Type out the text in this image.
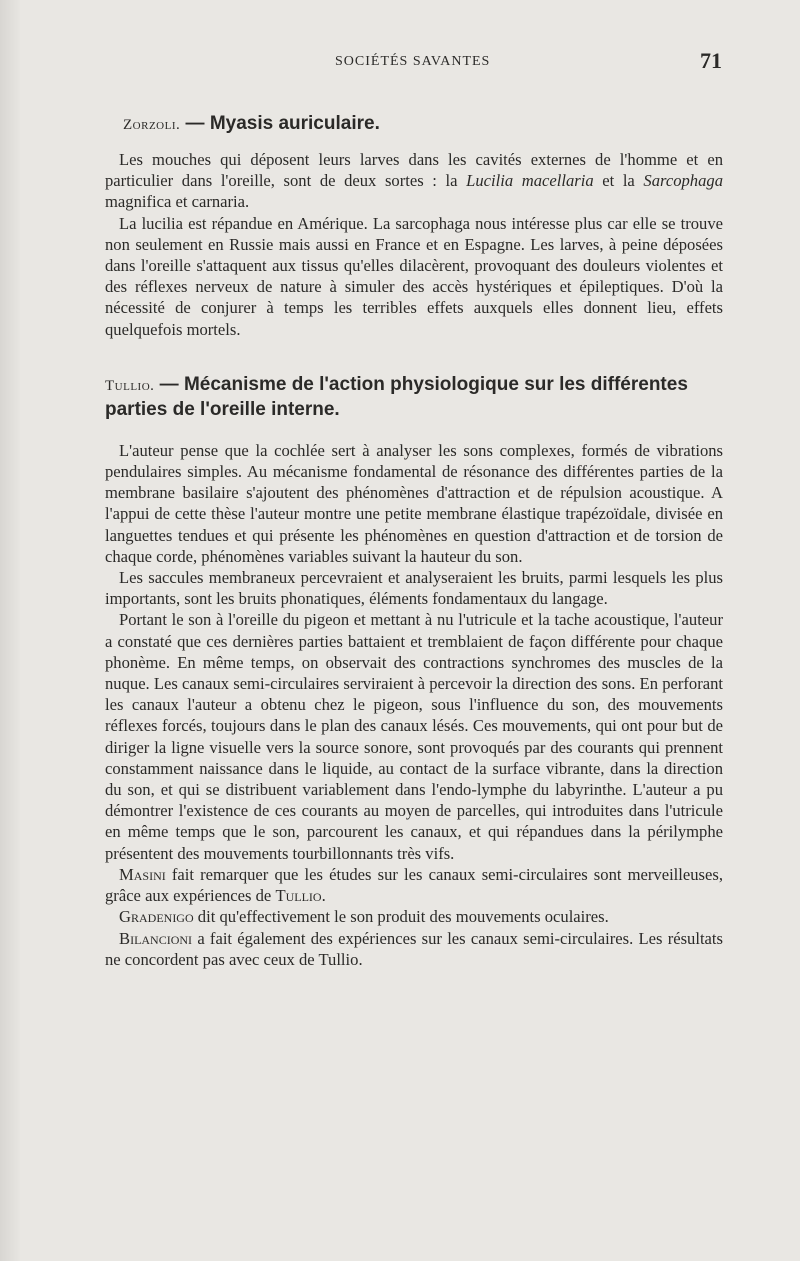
SOCIÉTÉS SAVANTES	71
Zorzoli. — Myasis auriculaire.

Les mouches qui déposent leurs larves dans les cavités externes de l'homme et en particulier dans l'oreille, sont de deux sortes : la Lucilia macellaria et la Sarcophaga magnifica et carnaria.

La lucilia est répandue en Amérique. La sarcophaga nous intéresse plus car elle se trouve non seulement en Russie mais aussi en France et en Espagne. Les larves, à peine déposées dans l'oreille s'attaquent aux tissus qu'elles dilacèrent, provoquant des douleurs violentes et des réflexes nerveux de nature à simuler des accès hystériques et épileptiques. D'où la nécessité de conjurer à temps les terribles effets auxquels elles donnent lieu, effets quelquefois mortels.

Tullio. — Mécanisme de l'action physiologique sur les différentes parties de l'oreille interne.

L'auteur pense que la cochlée sert à analyser les sons complexes, formés de vibrations pendulaires simples. Au mécanisme fondamental de résonance des différentes parties de la membrane basilaire s'ajoutent des phénomènes d'attraction et de répulsion acoustique. A l'appui de cette thèse l'auteur montre une petite membrane élastique trapézoïdale, divisée en languettes tendues et qui présente les phénomènes en question d'attraction et de torsion de chaque corde, phénomènes variables suivant la hauteur du son.

Les saccules membraneux percevraient et analyseraient les bruits, parmi lesquels les plus importants, sont les bruits phonatiques, éléments fondamentaux du langage.

Portant le son à l'oreille du pigeon et mettant à nu l'utricule et la tache acoustique, l'auteur a constaté que ces dernières parties battaient et tremblaient de façon différente pour chaque phonème. En même temps, on observait des contractions synchromes des muscles de la nuque. Les canaux semi-circulaires serviraient à percevoir la direction des sons. En perforant les canaux l'auteur a obtenu chez le pigeon, sous l'influence du son, des mouvements réflexes forcés, toujours dans le plan des canaux lésés. Ces mouvements, qui ont pour but de diriger la ligne visuelle vers la source sonore, sont provoqués par des courants qui prennent constamment naissance dans le liquide, au contact de la surface vibrante, dans la direction du son, et qui se distribuent variablement dans l'endo-lymphe du labyrinthe. L'auteur a pu démontrer l'existence de ces courants au moyen de parcelles, qui introduites dans l'utricule en même temps que le son, parcourent les canaux, et qui répandues dans la périlymphe présentent des mouvements tourbillonnants très vifs.

Masini fait remarquer que les études sur les canaux semi-circulaires sont merveilleuses, grâce aux expériences de Tullio.

Gradenigo dit qu'effectivement le son produit des mouvements oculaires.

Bilancioni a fait également des expériences sur les canaux semi-circulaires. Les résultats ne concordent pas avec ceux de Tullio.
